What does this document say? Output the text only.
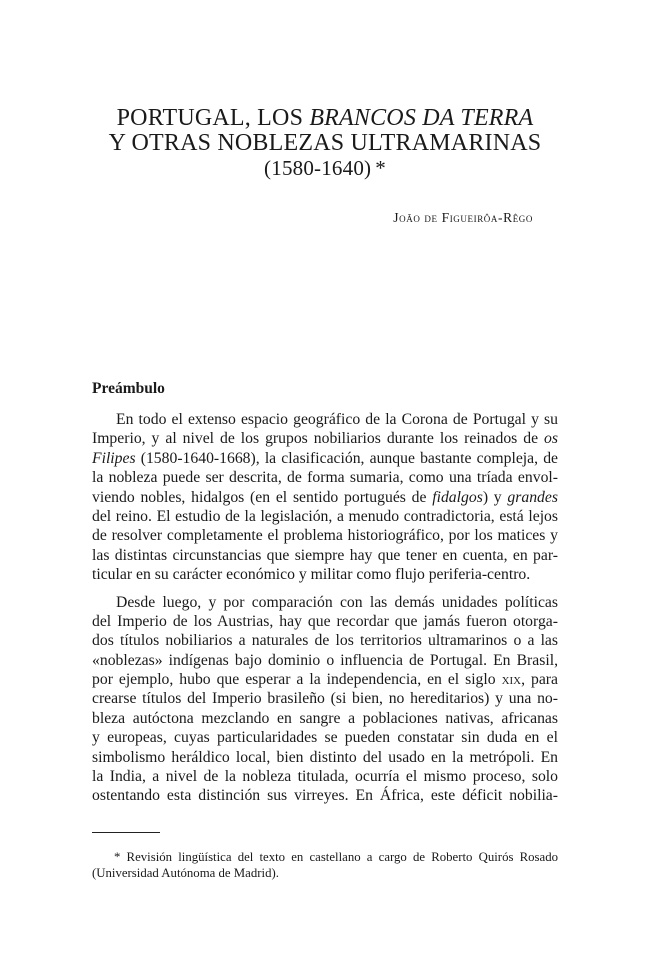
PORTUGAL, LOS BRANCOS DA TERRA
Y OTRAS NOBLEZAS ULTRAMARINAS
(1580-1640) *
João de Figueirôa-Rêgo
Preámbulo
En todo el extenso espacio geográfico de la Corona de Portugal y su
Imperio, y al nivel de los grupos nobiliarios durante los reinados de os
Filipes (1580-1640-1668), la clasificación, aunque bastante compleja, de
la nobleza puede ser descrita, de forma sumaria, como una tríada envol-
viendo nobles, hidalgos (en el sentido portugués de fidalgos) y grandes
del reino. El estudio de la legislación, a menudo contradictoria, está lejos
de resolver completamente el problema historiográfico, por los matices y
las distintas circunstancias que siempre hay que tener en cuenta, en par-
ticular en su carácter económico y militar como flujo periferia-centro.
Desde luego, y por comparación con las demás unidades políticas
del Imperio de los Austrias, hay que recordar que jamás fueron otorga-
dos títulos nobiliarios a naturales de los territorios ultramarinos o a las
«noblezas» indígenas bajo dominio o influencia de Portugal. En Brasil,
por ejemplo, hubo que esperar a la independencia, en el siglo xix, para
crearse títulos del Imperio brasileño (si bien, no hereditarios) y una no-
bleza autóctona mezclando en sangre a poblaciones nativas, africanas
y europeas, cuyas particularidades se pueden constatar sin duda en el
simbolismo heráldico local, bien distinto del usado en la metrópoli. En
la India, a nivel de la nobleza titulada, ocurría el mismo proceso, solo
ostentando esta distinción sus virreyes. En África, este déficit nobilia-
* Revisión lingüística del texto en castellano a cargo de Roberto Quirós Rosado
(Universidad Autónoma de Madrid).
